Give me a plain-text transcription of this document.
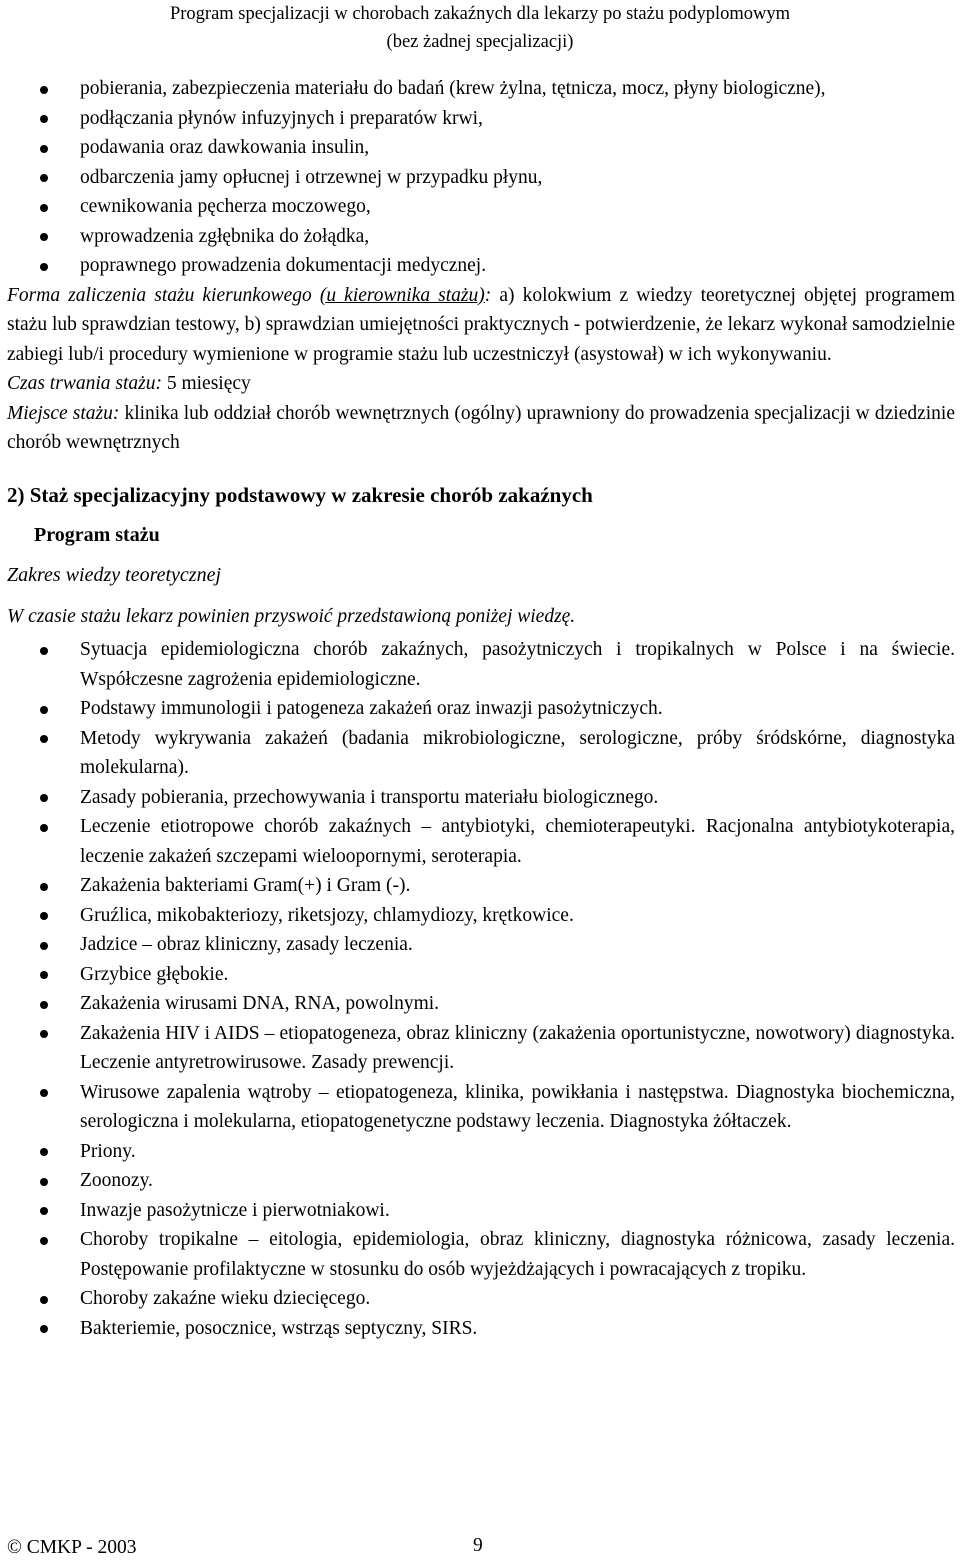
Program specjalizacji w chorobach zakaźnych dla lekarzy po stażu podyplomowym
(bez żadnej specjalizacji)
pobierania, zabezpieczenia materiału do badań (krew żylna, tętnicza, mocz, płyny biologiczne),
podłączania płynów infuzyjnych i preparatów krwi,
podawania oraz dawkowania insulin,
odbarczenia jamy opłucnej i otrzewnej w przypadku płynu,
cewnikowania pęcherza moczowego,
wprowadzenia zgłębnika do żołądka,
poprawnego prowadzenia dokumentacji medycznej.

Forma zaliczenia stażu kierunkowego (u kierownika stażu): a) kolokwium z wiedzy teoretycznej objętej programem stażu lub sprawdzian testowy, b) sprawdzian umiejętności praktycznych - potwierdzenie, że lekarz wykonał samodzielnie zabiegi lub/i procedury wymienione w programie stażu lub uczestniczył (asystował) w ich wykonywaniu.

Czas trwania stażu: 5 miesięcy

Miejsce stażu: klinika lub oddział chorób wewnętrznych (ogólny) uprawniony do prowadzenia specjalizacji w dziedzinie chorób wewnętrznych

2) Staż specjalizacyjny podstawowy w zakresie chorób zakaźnych
Program stażu
Zakres wiedzy teoretycznej

W czasie stażu lekarz powinien przyswoić przedstawioną poniżej wiedzę.

Sytuacja epidemiologiczna chorób zakaźnych, pasożytniczych i tropikalnych w Polsce i na świecie. Współczesne zagrożenia epidemiologiczne.
Podstawy immunologii i patogeneza zakażeń oraz inwazji pasożytniczych.
Metody wykrywania zakażeń (badania mikrobiologiczne, serologiczne, próby śródskórne, diagnostyka molekularna).
Zasady pobierania, przechowywania i transportu materiału biologicznego.
Leczenie etiotropowe chorób zakaźnych – antybiotyki, chemioterapeutyki. Racjonalna antybiotykoterapia, leczenie zakażeń szczepami wieloopornymi, seroterapia.
Zakażenia bakteriami Gram(+) i Gram (-).
Gruźlica, mikobakteriozy, riketsjozy, chlamydiozy, krętkowice.
Jadzice – obraz kliniczny, zasady leczenia.
Grzybice głębokie.
Zakażenia wirusami DNA, RNA, powolnymi.
Zakażenia HIV i AIDS – etiopatogeneza, obraz kliniczny (zakażenia oportunistyczne, nowotwory) diagnostyka. Leczenie antyretrowirusowe. Zasady prewencji.
Wirusowe zapalenia wątroby – etiopatogeneza, klinika, powikłania i następstwa. Diagnostyka biochemiczna, serologiczna i molekularna, etiopatogenetyczne podstawy leczenia. Diagnostyka żółtaczek.
Priony.
Zoonozy.
Inwazje pasożytnicze i pierwotniakowi.
Choroby tropikalne – eitologia, epidemiologia, obraz kliniczny, diagnostyka różnicowa, zasady leczenia. Postępowanie profilaktyczne w stosunku do osób wyjeżdżających i powracających z tropiku.
Choroby zakaźne wieku dziecięcego.
Bakteriemie, posocznice, wstrząs septyczny, SIRS.
© CMKP - 2003	9
